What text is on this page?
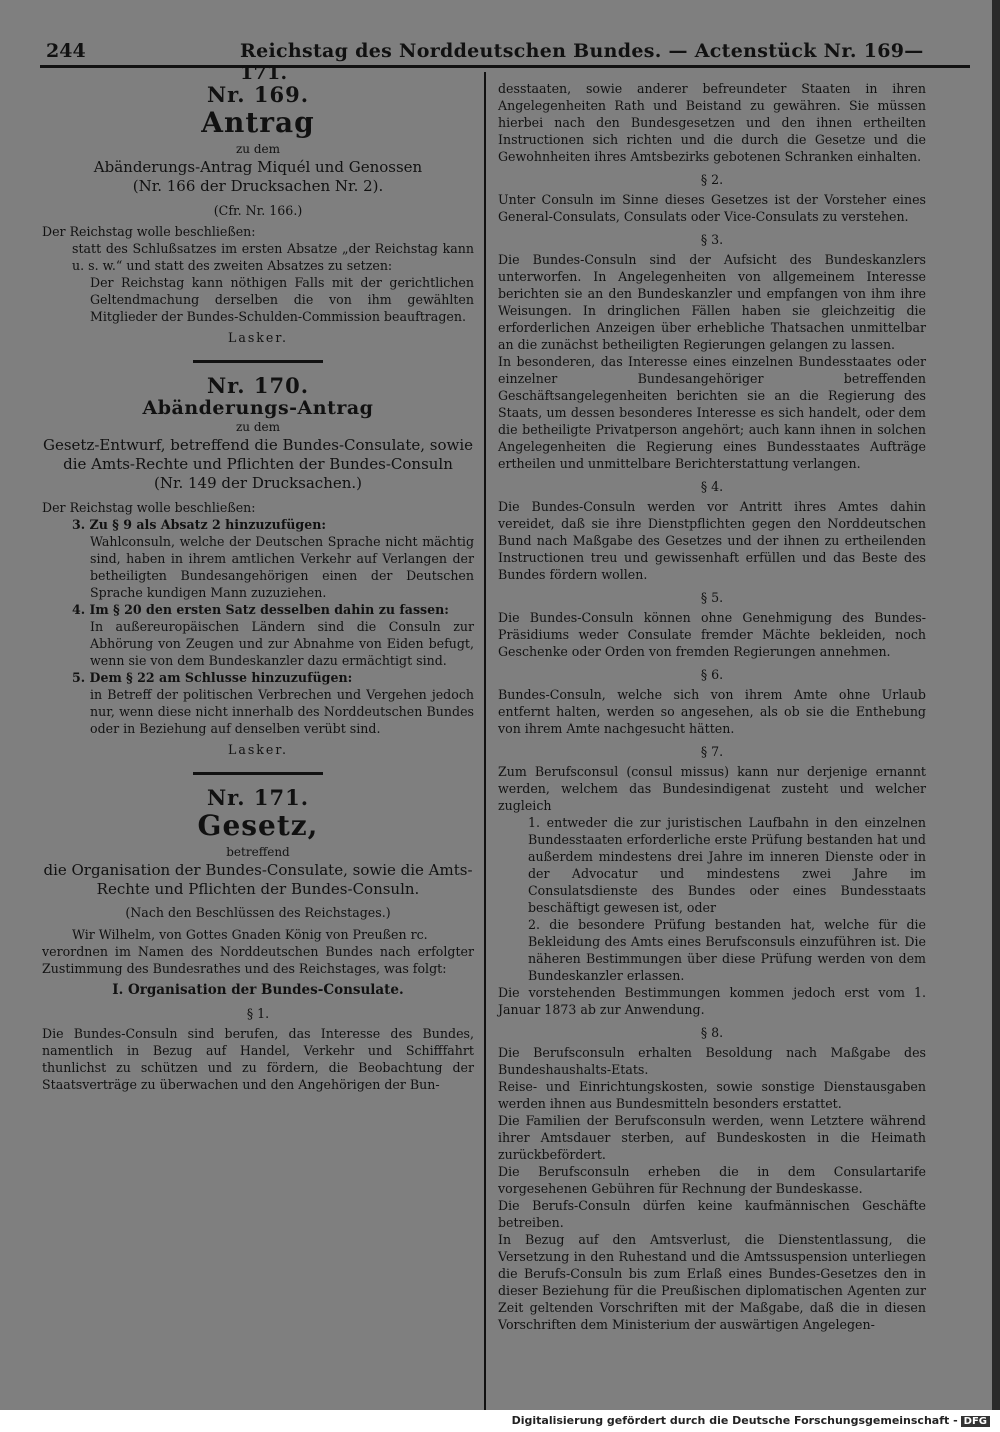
244	Reichstag des Norddeutschen Bundes. — Actenstück Nr. 169—171.
Nr. 169.
Antrag
zu dem
Abänderungs-Antrag Miquél und Genossen
(Nr. 166 der Drucksachen Nr. 2).
(Cfr. Nr. 166.)

Der Reichstag wolle beschließen:

statt des Schlußsatzes im ersten Absatze „der Reichstag kann u. s. w.“ und statt des zweiten Absatzes zu setzen:

Der Reichstag kann nöthigen Falls mit der gerichtlichen Geltendmachung derselben die von ihm gewählten Mitglieder der Bundes-Schulden-Commission beauftragen.

Lasker.
Nr. 170.
Abänderungs-Antrag
zu dem
Gesetz-Entwurf, betreffend die Bundes-Consulate, sowie die Amts-Rechte und Pflichten der Bundes-Consuln
(Nr. 149 der Drucksachen.)

Der Reichstag wolle beschließen:

3. Zu § 9 als Absatz 2 hinzuzufügen:

Wahlconsuln, welche der Deutschen Sprache nicht mächtig sind, haben in ihrem amtlichen Verkehr auf Verlangen der betheiligten Bundesangehörigen einen der Deutschen Sprache kundigen Mann zuzuziehen.

4. Im § 20 den ersten Satz desselben dahin zu fassen:

In außereuropäischen Ländern sind die Consuln zur Abhörung von Zeugen und zur Abnahme von Eiden befugt, wenn sie von dem Bundeskanzler dazu ermächtigt sind.

5. Dem § 22 am Schlusse hinzuzufügen:

in Betreff der politischen Verbrechen und Vergehen jedoch nur, wenn diese nicht innerhalb des Norddeutschen Bundes oder in Beziehung auf denselben verübt sind.

Lasker.
Nr. 171.
Gesetz,
betreffend
die Organisation der Bundes-Consulate, sowie die Amts-Rechte und Pflichten der Bundes-Consuln.
(Nach den Beschlüssen des Reichstages.)

Wir Wilhelm, von Gottes Gnaden König von Preußen rc.

verordnen im Namen des Norddeutschen Bundes nach erfolgter Zustimmung des Bundesrathes und des Reichstages, was folgt:

I. Organisation der Bundes-Consulate.
§ 1.

Die Bundes-Consuln sind berufen, das Interesse des Bundes, namentlich in Bezug auf Handel, Verkehr und Schifffahrt thunlichst zu schützen und zu fördern, die Beobachtung der Staatsverträge zu überwachen und den Angehörigen der Bun-

desstaaten, sowie anderer befreundeter Staaten in ihren Angelegenheiten Rath und Beistand zu gewähren. Sie müssen hierbei nach den Bundesgesetzen und den ihnen ertheilten Instructionen sich richten und die durch die Gesetze und die Gewohnheiten ihres Amtsbezirks gebotenen Schranken einhalten.

§ 2.

Unter Consuln im Sinne dieses Gesetzes ist der Vorsteher eines General-Consulats, Consulats oder Vice-Consulats zu verstehen.

§ 3.

Die Bundes-Consuln sind der Aufsicht des Bundeskanzlers unterworfen. In Angelegenheiten von allgemeinem Interesse berichten sie an den Bundeskanzler und empfangen von ihm ihre Weisungen. In dringlichen Fällen haben sie gleichzeitig die erforderlichen Anzeigen über erhebliche Thatsachen unmittelbar an die zunächst betheiligten Regierungen gelangen zu lassen.

In besonderen, das Interesse eines einzelnen Bundesstaates oder einzelner Bundesangehöriger betreffenden Geschäftsangelegenheiten berichten sie an die Regierung des Staats, um dessen besonderes Interesse es sich handelt, oder dem die betheiligte Privatperson angehört; auch kann ihnen in solchen Angelegenheiten die Regierung eines Bundesstaates Aufträge ertheilen und unmittelbare Berichterstattung verlangen.

§ 4.

Die Bundes-Consuln werden vor Antritt ihres Amtes dahin vereidet, daß sie ihre Dienstpflichten gegen den Norddeutschen Bund nach Maßgabe des Gesetzes und der ihnen zu ertheilenden Instructionen treu und gewissenhaft erfüllen und das Beste des Bundes fördern wollen.

§ 5.

Die Bundes-Consuln können ohne Genehmigung des Bundes-Präsidiums weder Consulate fremder Mächte bekleiden, noch Geschenke oder Orden von fremden Regierungen annehmen.

§ 6.

Bundes-Consuln, welche sich von ihrem Amte ohne Urlaub entfernt halten, werden so angesehen, als ob sie die Enthebung von ihrem Amte nachgesucht hätten.

§ 7.

Zum Berufsconsul (consul missus) kann nur derjenige ernannt werden, welchem das Bundesindigenat zusteht und welcher zugleich

1. entweder die zur juristischen Laufbahn in den einzelnen Bundesstaaten erforderliche erste Prüfung bestanden hat und außerdem mindestens drei Jahre im inneren Dienste oder in der Advocatur und mindestens zwei Jahre im Consulatsdienste des Bundes oder eines Bundesstaats beschäftigt gewesen ist, oder

2. die besondere Prüfung bestanden hat, welche für die Bekleidung des Amts eines Berufsconsuls einzuführen ist. Die näheren Bestimmungen über diese Prüfung werden von dem Bundeskanzler erlassen.

Die vorstehenden Bestimmungen kommen jedoch erst vom 1. Januar 1873 ab zur Anwendung.

§ 8.

Die Berufsconsuln erhalten Besoldung nach Maßgabe des Bundeshaushalts-Etats.

Reise- und Einrichtungskosten, sowie sonstige Dienstausgaben werden ihnen aus Bundesmitteln besonders erstattet.

Die Familien der Berufsconsuln werden, wenn Letztere während ihrer Amtsdauer sterben, auf Bundeskosten in die Heimath zurückbefördert.

Die Berufsconsuln erheben die in dem Consulartarife vorgesehenen Gebühren für Rechnung der Bundeskasse.

Die Berufs-Consuln dürfen keine kaufmännischen Geschäfte betreiben.

In Bezug auf den Amtsverlust, die Dienstentlassung, die Versetzung in den Ruhestand und die Amtssuspension unterliegen die Berufs-Consuln bis zum Erlaß eines Bundes-Gesetzes den in dieser Beziehung für die Preußischen diplomatischen Agenten zur Zeit geltenden Vorschriften mit der Maßgabe, daß die in diesen Vorschriften dem Ministerium der auswärtigen Angelegen-

Digitalisierung gefördert durch die Deutsche Forschungsgemeinschaft - DFG
